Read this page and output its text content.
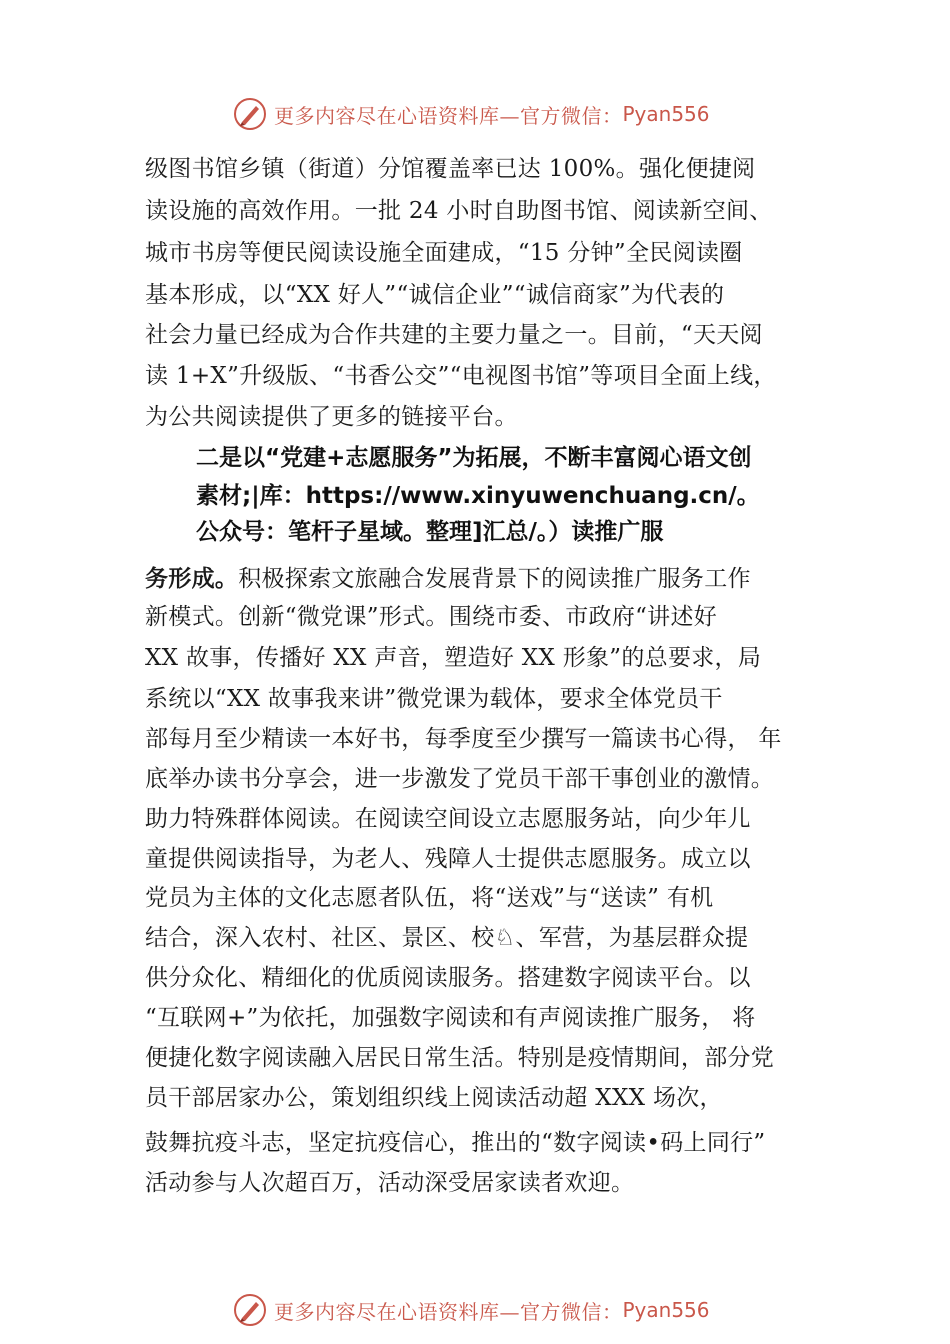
更多内容尽在心语资料库—官方微信： Pyan556
级图书馆乡镇（街道）分馆覆盖率已达 100%。强化便捷阅
读设施的高效作用。一批 24 小时自助图书馆、阅读新空间、
城市书房等便民阅读设施全面建成，“15 分钟”全民阅读圈
基本形成，以“XX 好人”“诚信企业”“诚信商家”为代表的
社会力量已经成为合作共建的主要力量之一。目前，“天天阅
读 1+X”升级版、“书香公交”“电视图书馆”等项目全面上线，
为公共阅读提供了更多的链接平台。
二是以“党建+志愿服务”为拓展，不断丰富阅心语文创
素材;|库：https://www.xinyuwenchuang.cn/。
公众号：笔杆子星域。整理]汇总/。）读推广服
务形成。积极探索文旅融合发展背景下的阅读推广服务工作
新模式。创新“微党课”形式。围绕市委、市政府“讲述好
XX 故事，传播好 XX 声音，塑造好 XX 形象”的总要求，局
系统以“XX 故事我来讲”微党课为载体，要求全体党员干
部每月至少精读一本好书，每季度至少撰写一篇读书心得， 年
底举办读书分享会，进一步激发了党员干部干事创业的激情。
助力特殊群体阅读。在阅读空间设立志愿服务站，向少年儿
童提供阅读指导，为老人、残障人士提供志愿服务。成立以
党员为主体的文化志愿者队伍，将“送戏”与“送读” 有机
结合，深入农村、社区、景区、校♘、军营，为基层群众提
供分众化、精细化的优质阅读服务。搭建数字阅读平台。以
“互联网+”为依托，加强数字阅读和有声阅读推广服务， 将
便捷化数字阅读融入居民日常生活。特别是疫情期间，部分党
员干部居家办公，策划组织线上阅读活动超 XXX 场次，
鼓舞抗疫斗志，坚定抗疫信心，推出的“数字阅读•码上同行”
活动参与人次超百万，活动深受居家读者欢迎。
更多内容尽在心语资料库—官方微信： Pyan556
